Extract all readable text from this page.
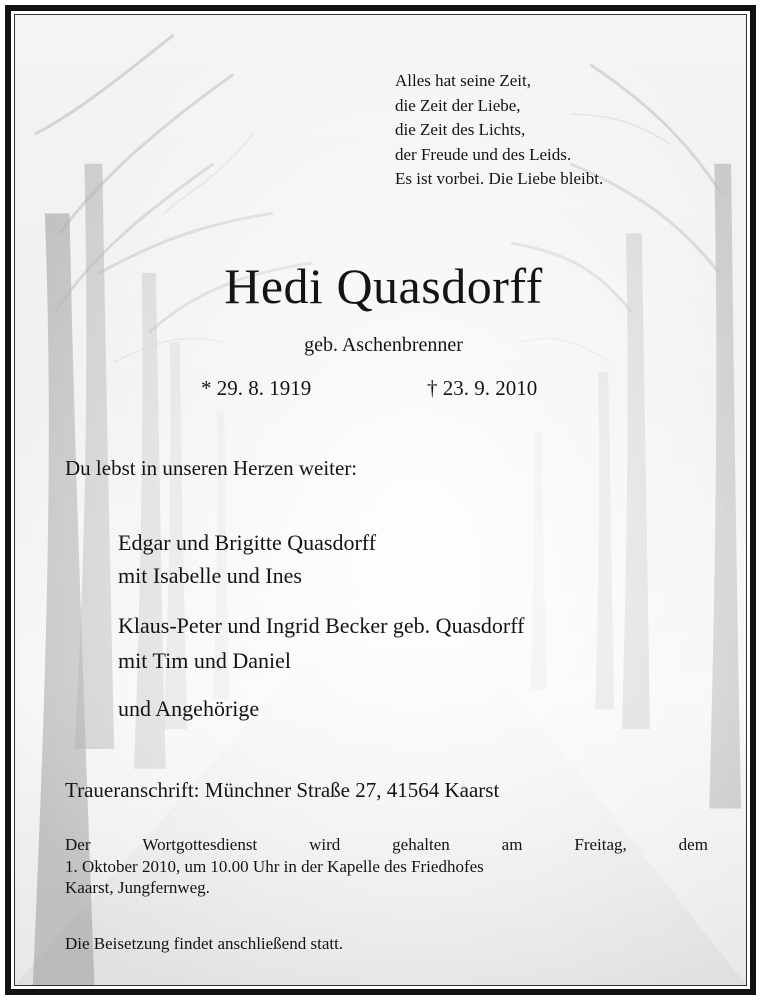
Alles hat seine Zeit,
die Zeit der Liebe,
die Zeit des Lichts,
der Freude und des Leids.
Es ist vorbei. Die Liebe bleibt.
Hedi Quasdorff
geb. Aschenbrenner
* 29. 8. 1919	† 23. 9. 2010
Du lebst in unseren Herzen weiter:
Edgar und Brigitte Quasdorff
mit Isabelle und Ines
Klaus-Peter und Ingrid Becker geb. Quasdorff
mit Tim und Daniel
und Angehörige
Traueranschrift: Münchner Straße 27, 41564 Kaarst
Der	Wortgottesdienst	wird	gehalten	am	Freitag,	dem
1. Oktober 2010, um 10.00 Uhr in der Kapelle des Friedhofes
Kaarst, Jungfernweg.
Die Beisetzung findet anschließend statt.
